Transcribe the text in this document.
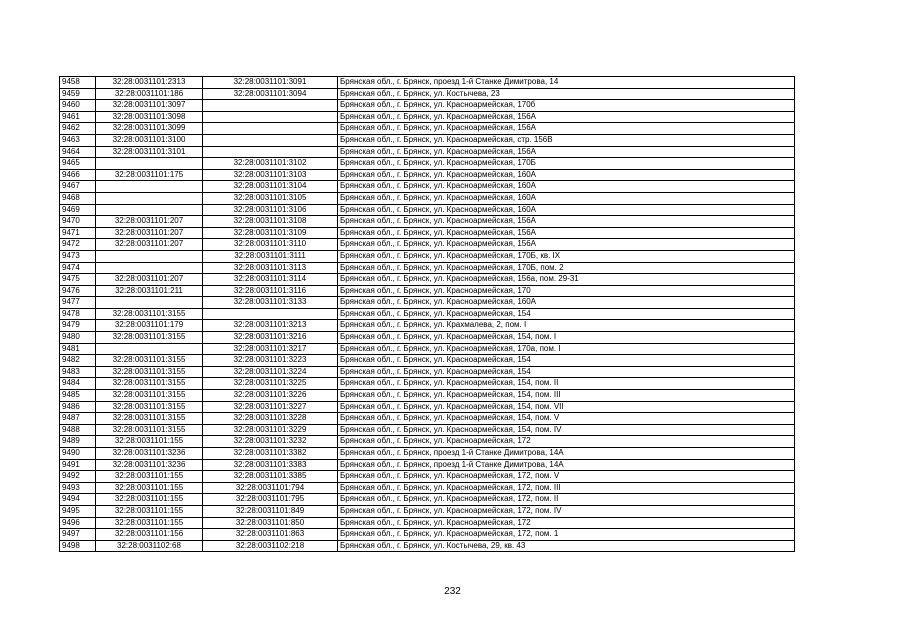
9458	32:28:0031101:2313	32:28:0031101:3091	Брянская обл., г. Брянск, проезд 1-й Станке Димитрова, 14
9459	32:28:0031101:186	32:28:0031101:3094	Брянская обл., г. Брянск, ул. Костычева, 23
9460	32:28:0031101:3097		Брянская обл., г. Брянск, ул. Красноармейская, 170б
9461	32:28:0031101:3098		Брянская обл., г. Брянск, ул. Красноармейская, 156А
9462	32:28:0031101:3099		Брянская обл., г. Брянск, ул. Красноармейская, 156А
9463	32:28:0031101:3100		Брянская обл., г. Брянск, ул. Красноармейская, стр. 156В
9464	32:28:0031101:3101		Брянская обл., г. Брянск, ул. Красноармейская, 156А
9465		32:28:0031101:3102	Брянская обл., г. Брянск, ул. Красноармейская, 170Б
9466	32:28:0031101:175	32:28:0031101:3103	Брянская обл., г. Брянск, ул. Красноармейская, 160А
9467		32:28:0031101:3104	Брянская обл., г. Брянск, ул. Красноармейская, 160А
9468		32:28:0031101:3105	Брянская обл., г. Брянск, ул. Красноармейская, 160А
9469		32:28:0031101:3106	Брянская обл., г. Брянск, ул. Красноармейская, 160А
9470	32:28:0031101:207	32:28:0031101:3108	Брянская обл., г. Брянск, ул. Красноармейская, 156А
9471	32:28:0031101:207	32:28:0031101:3109	Брянская обл., г. Брянск, ул. Красноармейская, 156А
9472	32:28:0031101:207	32:28:0031101:3110	Брянская обл., г. Брянск, ул. Красноармейская, 156А
9473		32:28:0031101:3111	Брянская обл., г. Брянск, ул. Красноармейская, 170Б, кв. IX
9474		32:28:0031101:3113	Брянская обл., г. Брянск, ул. Красноармейская, 170Б, пом. 2
9475	32:28:0031101:207	32:28:0031101:3114	Брянская обл., г. Брянск, ул. Красноармейская, 156а, пом. 29-31
9476	32:28:0031101:211	32:28:0031101:3116	Брянская обл., г. Брянск, ул. Красноармейская, 170
9477		32:28:0031101:3133	Брянская обл., г. Брянск, ул. Красноармейская, 160А
9478	32:28:0031101:3155		Брянская обл., г. Брянск, ул. Красноармейская, 154
9479	32:28:0031101:179	32:28:0031101:3213	Брянская обл., г. Брянск, ул. Крахмалева, 2, пом. I
9480	32:28:0031101:3155	32:28:0031101:3216	Брянская обл., г. Брянск, ул. Красноармейская, 154, пом. I
9481		32:28:0031101:3217	Брянская обл., г. Брянск, ул. Красноармейская, 170а, пом. I
9482	32:28:0031101:3155	32:28:0031101:3223	Брянская обл., г. Брянск, ул. Красноармейская, 154
9483	32:28:0031101:3155	32:28:0031101:3224	Брянская обл., г. Брянск, ул. Красноармейская, 154
9484	32:28:0031101:3155	32:28:0031101:3225	Брянская обл., г. Брянск, ул. Красноармейская, 154, пом. II
9485	32:28:0031101:3155	32:28:0031101:3226	Брянская обл., г. Брянск, ул. Красноармейская, 154, пом. III
9486	32:28:0031101:3155	32:28:0031101:3227	Брянская обл., г. Брянск, ул. Красноармейская, 154, пом. VII
9487	32:28:0031101:3155	32:28:0031101:3228	Брянская обл., г. Брянск, ул. Красноармейская, 154, пом. V
9488	32:28:0031101:3155	32:28:0031101:3229	Брянская обл., г. Брянск, ул. Красноармейская, 154, пом. IV
9489	32:28:0031101:155	32:28:0031101:3232	Брянская обл., г. Брянск, ул. Красноармейская, 172
9490	32:28:0031101:3236	32:28:0031101:3382	Брянская обл., г. Брянск, проезд 1-й Станке Димитрова, 14А
9491	32:28:0031101:3236	32:28:0031101:3383	Брянская обл., г. Брянск, проезд 1-й Станке Димитрова, 14А
9492	32:28:0031101:155	32:28:0031101:3385	Брянская обл., г. Брянск, ул. Красноармейская, 172, пом. V
9493	32:28:0031101:155	32:28:0031101:794	Брянская обл., г. Брянск, ул. Красноармейская, 172, пом. III
9494	32:28:0031101:155	32:28:0031101:795	Брянская обл., г. Брянск, ул. Красноармейская, 172, пом. II
9495	32:28:0031101:155	32:28:0031101:849	Брянская обл., г. Брянск, ул. Красноармейская, 172, пом. IV
9496	32:28:0031101:155	32:28:0031101:850	Брянская обл., г. Брянск, ул. Красноармейская, 172
9497	32:28:0031101:156	32:28:0031101:863	Брянская обл., г. Брянск, ул. Красноармейская, 172, пом. 1
9498	32:28:0031102:68	32:28:0031102:218	Брянская обл., г. Брянск, ул. Костычева, 29, кв. 43
232
